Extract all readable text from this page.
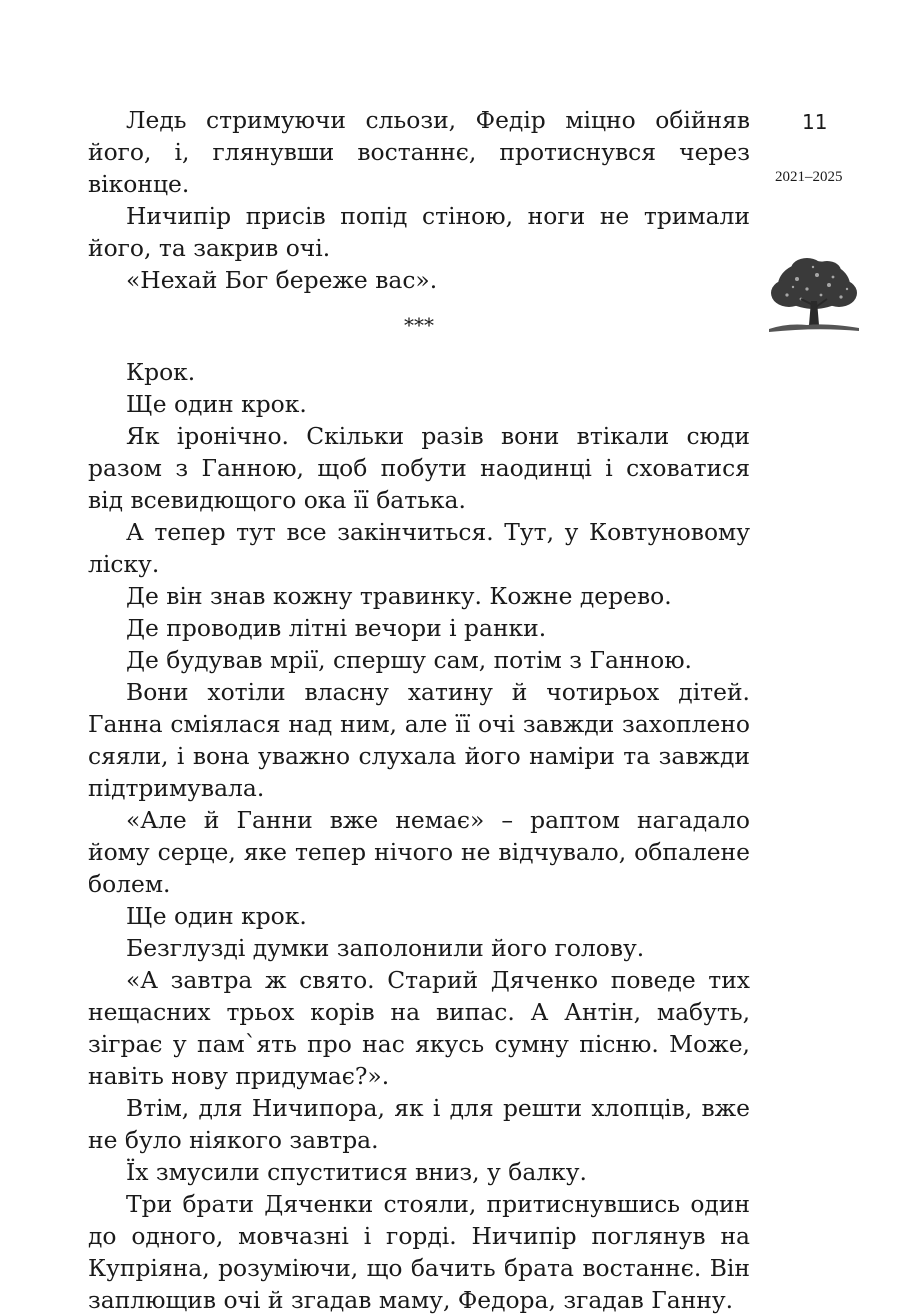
11
2021–2025

Ледь стримуючи сльози, Федір міцно обійняв його, і, глянувши востаннє, протиснувся через віконце.

Ничипір присів попід стіною, ноги не тримали його, та закрив очі.

«Нехай Бог береже вас».

***

Крок.

Ще один крок.

Як іронічно. Скільки разів вони втікали сюди разом з Ганною, щоб побути наодинці і сховатися від всевидющого ока її батька.

А тепер тут все закінчиться. Тут, у Ковтуновому ліску.

Де він знав кожну травинку. Кожне дерево.

Де проводив літні вечори і ранки.

Де будував мрії, спершу сам, потім з Ганною.

Вони хотіли власну хатину й чотирьох дітей. Ганна сміялася над ним, але її очі завжди захоплено сяяли, і вона уважно слухала його наміри та завжди підтримувала.

«Але й Ганни вже немає» – раптом нагадало йому серце, яке тепер нічого не відчувало, обпалене болем.

Ще один крок.

Безглузді думки заполонили його голову.

«А завтра ж свято. Старий Дяченко поведе тих нещасних трьох корів на випас. А Антін, мабуть, зіграє у пам`ять про нас якусь сумну пісню. Може, навіть нову придумає?».

Втім, для Ничипора, як і для решти хлопців, вже не було ніякого завтра.

Їх змусили спуститися вниз, у балку.

Три брати Дяченки стояли, притиснувшись один до одного, мовчазні і горді. Ничипір поглянув на Купріяна, розуміючи, що бачить брата востаннє. Він заплющив очі й згадав маму, Федора, згадав Ганну.
